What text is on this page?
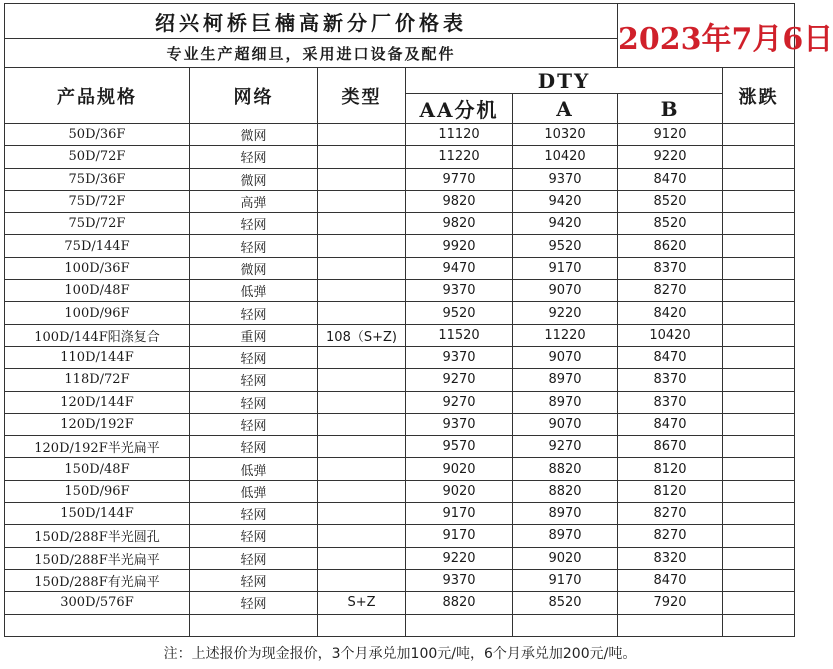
绍兴柯桥巨楠高新分厂价格表					2023年7月6日	
专业生产超细旦，采用进口设备及配件						
产品规格	网络	类型	DTY			涨跌
			AA分机	A	B	
50D/36F	微网		11120	10320	9120	
50D/72F	轻网		11220	10420	9220	
75D/36F	微网		9770	9370	8470	
75D/72F	高弹		9820	9420	8520	
75D/72F	轻网		9820	9420	8520	
75D/144F	轻网		9920	9520	8620	
100D/36F	微网		9470	9170	8370	
100D/48F	低弹		9370	9070	8270	
100D/96F	轻网		9520	9220	8420	
100D/144F阳涤复合	重网	108（S+Z)	11520	11220	10420	
110D/144F	轻网		9370	9070	8470	
118D/72F	轻网		9270	8970	8370	
120D/144F	轻网		9270	8970	8370	
120D/192F	轻网		9370	9070	8470	
120D/192F半光扁平	轻网		9570	9270	8670	
150D/48F	低弹		9020	8820	8120	
150D/96F	低弹		9020	8820	8120	
150D/144F	轻网		9170	8970	8270	
150D/288F半光圆孔	轻网		9170	8970	8270	
150D/288F半光扁平	轻网		9220	9020	8320	
150D/288F有光扁平	轻网		9370	9170	8470	
300D/576F	轻网	S+Z	8820	8520	7920	

注：上述报价为现金报价，3个月承兑加100元/吨，6个月承兑加200元/吨。
